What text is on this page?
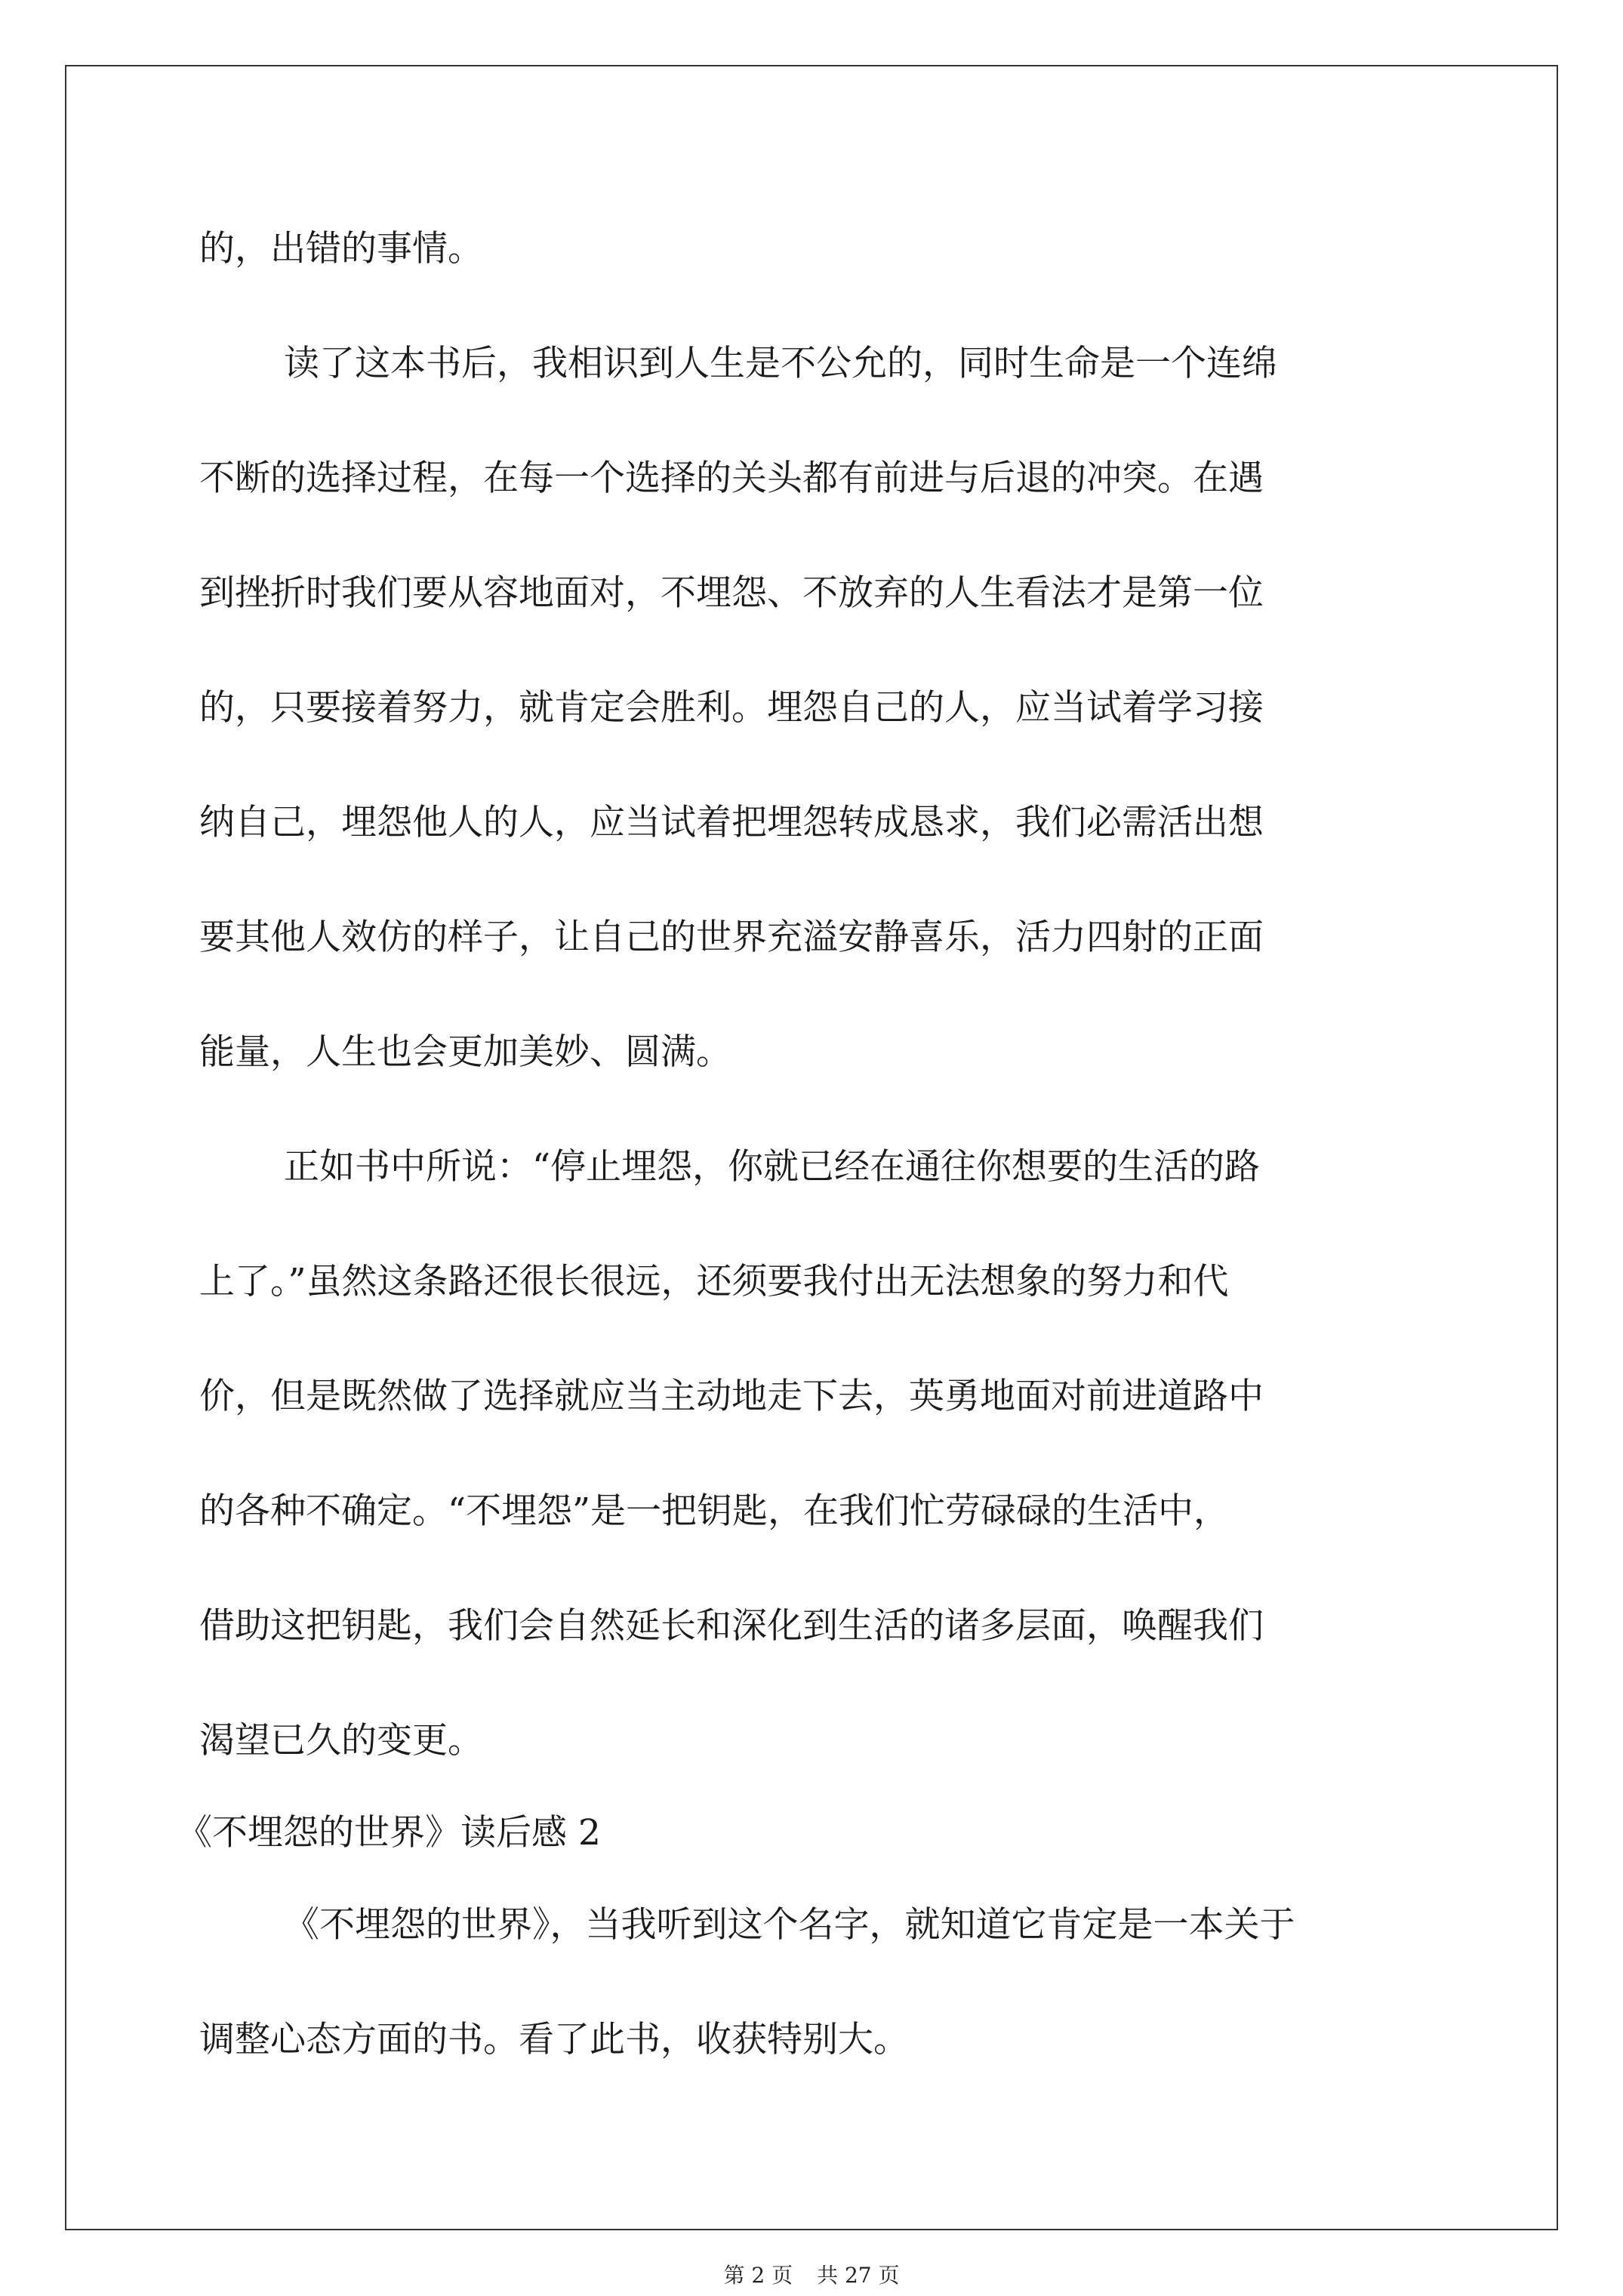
的，出错的事情。
读了这本书后，我相识到人生是不公允的，同时生命是一个连绵
不断的选择过程，在每一个选择的关头都有前进与后退的冲突。在遇
到挫折时我们要从容地面对，不埋怨、不放弃的人生看法才是第一位
的，只要接着努力，就肯定会胜利。埋怨自己的人，应当试着学习接
纳自己，埋怨他人的人，应当试着把埋怨转成恳求，我们必需活出想
要其他人效仿的样子，让自己的世界充溢安静喜乐，活力四射的正面
能量，人生也会更加美妙、圆满。
正如书中所说：“停止埋怨，你就已经在通往你想要的生活的路
上了。”虽然这条路还很长很远，还须要我付出无法想象的努力和代
价，但是既然做了选择就应当主动地走下去，英勇地面对前进道路中
的各种不确定。“不埋怨”是一把钥匙，在我们忙劳碌碌的生活中，
借助这把钥匙，我们会自然延长和深化到生活的诸多层面，唤醒我们
渴望已久的变更。
《不埋怨的世界》读后感 2
《不埋怨的世界》，当我听到这个名字，就知道它肯定是一本关于
调整心态方面的书。看了此书，收获特别大。
第 2 页 共 27 页
